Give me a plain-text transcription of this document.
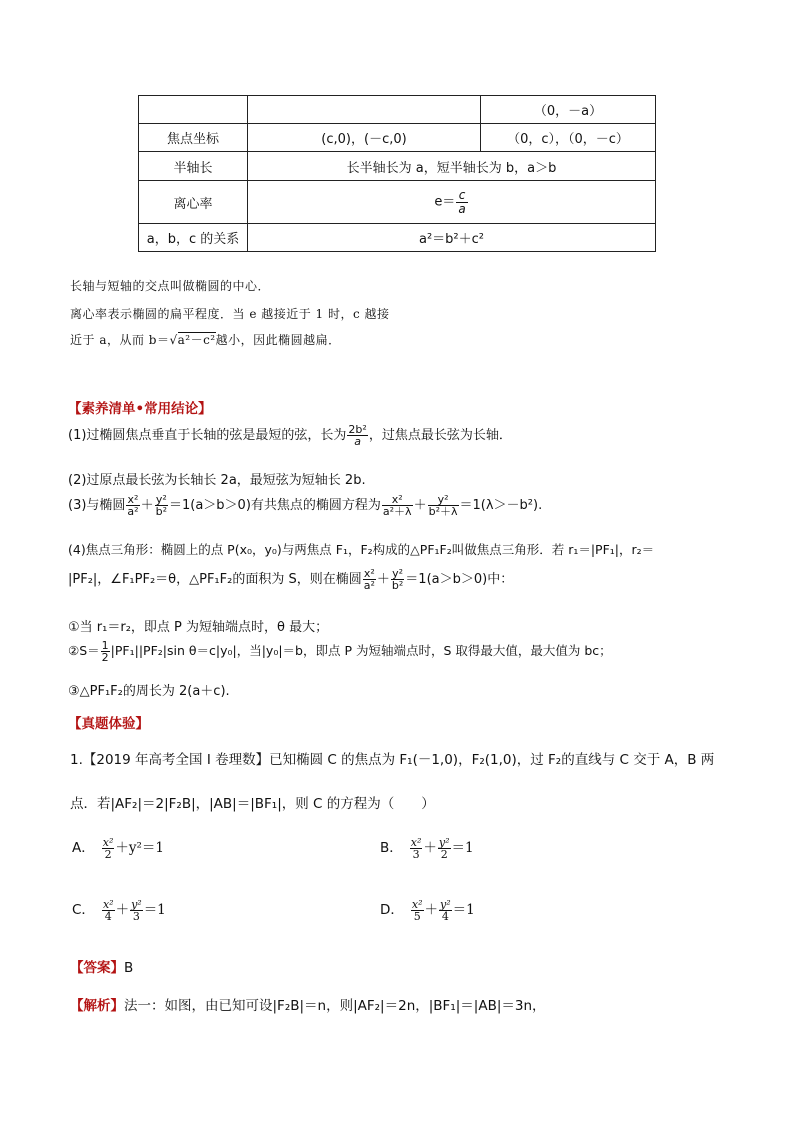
		（0，－a）
焦点坐标	(c,0)，(－c,0)	（0，c），（0，－c）
半轴长	长半轴长为 a，短半轴长为 b，a＞b	
离心率	$e= \frac{c}{a}$

a，b，c 的关系	a²＝b²＋c²	
长轴与短轴的交点叫做椭圆的中心．
离心率表示椭圆的扁平程度．当 e 越接近于 1 时，c 越接
近于 a，从而 b＝√a²－c²越小，因此椭圆越扁．
【素养清单•常用结论】
(1)过椭圆焦点垂直于长轴的弦是最短的弦，长为 $\frac{\text{2b²}}{a}$ ，过焦点最长弦为长轴．
(2)过原点最长弦为长轴长 2a，最短弦为短轴长 2b.
(3)与椭圆 $\frac{\text{x²}}{\text{a²}} + \frac{\text{y²}}{\text{b²}} =1(a>b>0)$有共焦点的椭圆方程为 $\frac{\text{x²}}{\text{a²＋λ}} + \frac{\text{y²}}{\text{b²＋λ}} =1(\lambda>-b^2)$.
(4)焦点三角形：椭圆上的点 P(x₀，y₀)与两焦点 F₁，F₂构成的△PF₁F₂叫做焦点三角形．若 r₁＝|PF₁|，r₂＝
|PF₂|，∠F₁PF₂＝θ，△PF₁F₂的面积为 S，则在椭圆 $\frac{\text{x²}}{\text{a²}} + \frac{\text{y²}}{\text{b²}} =1(a>b>0)$中：
①当 r₁＝r₂，即点 P 为短轴端点时，θ 最大；
②S＝ $\frac{1}{2} |PF_1||PF_2|\sin$ θ＝c|y₀|，当|y₀|＝b，即点 P 为短轴端点时，S 取得最大值，最大值为 bc；
③△PF₁F₂的周长为 2(a＋c).
【真题体验】
1.【2019 年高考全国 I 卷理数】已知椭圆 C 的焦点为 F₁(－1,0)，F₂(1,0)，过 F₂的直线与 C 交于 A，B 两
点．若|AF₂|＝2|F₂B|，|AB|＝|BF₁|，则 C 的方程为（　　）
A． $\frac{\text{x²}}{2} +y^2=1$	B． $\frac{\text{x²}}{3} + \frac{\text{y²}}{2} =1$
C． $\frac{\text{x²}}{4} + \frac{\text{y²}}{3} =1$	D． $\frac{\text{x²}}{5} + \frac{\text{y²}}{4} =1$
【答案】B
【解析】法一：如图，由已知可设|F₂B|＝n，则|AF₂|＝2n，|BF₁|＝|AB|＝3n，
